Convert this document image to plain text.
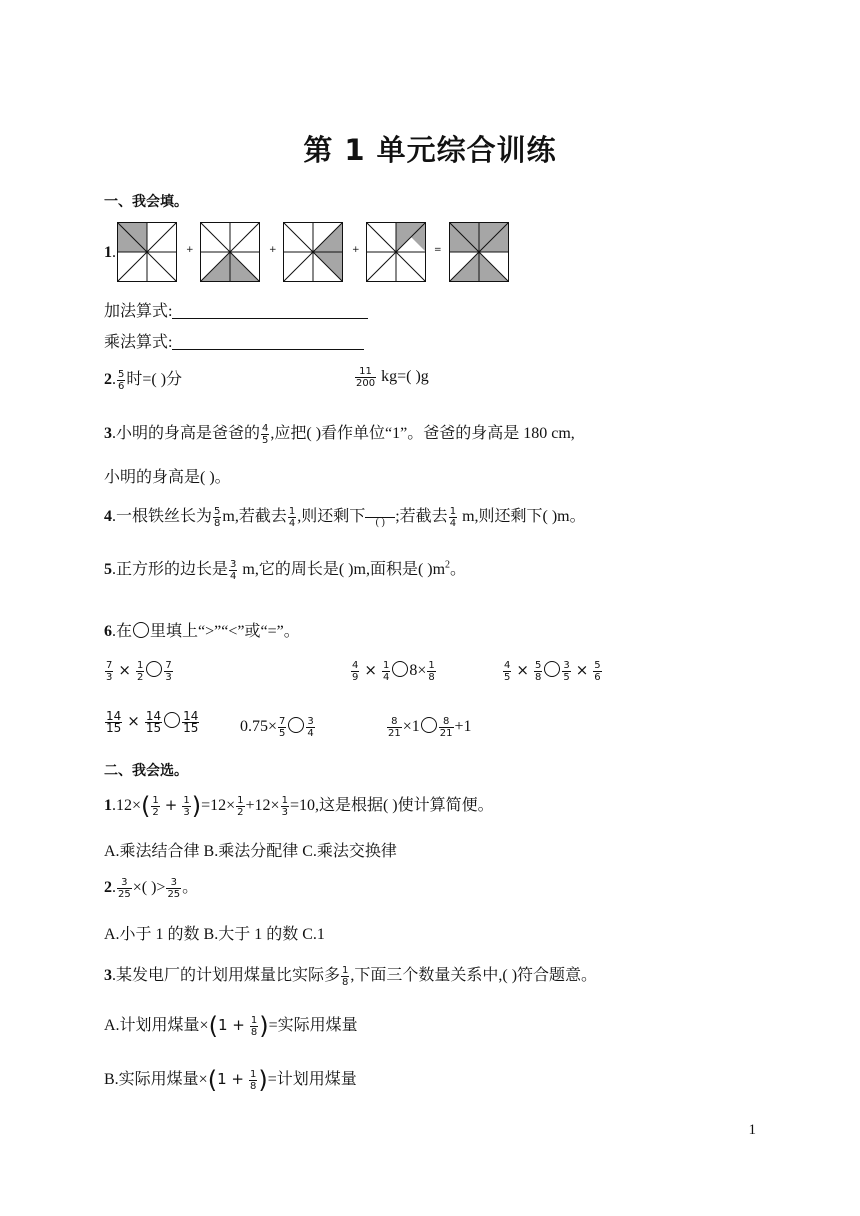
第 1 单元综合训练
一、我会填。
1.	+	+	+	=
加法算式:
乘法算式:
2. $\frac{5}{6}$ 时=( )分	$\frac{11}{200} kg=$( )g
3.小明的身高是爸爸的 $\frac{4}{5}$ ,应把( )看作单位“1”。爸爸的身高是 180 cm,
小明的身高是( )。
4.一根铁丝长为 $\frac{5}{8} m$,若截去 $\frac{1}{4}$ ,则还剩下 ( ) ;若截去 $\frac{1}{4} m$,则还剩下( )m。
5.正方形的边长是 $\frac{3}{4} m$,它的周长是( )m,面积是( )$m^2$。
6.在 里填上“>”“<”或“=”。
$\frac{7}{3} \times \frac{1}{2} \frac{7}{3}$	$\frac{4}{9} \times \frac{1}{4} 8\times \frac{1}{8}$	$\frac{4}{5} \times \frac{5}{8} \frac{3}{5} \times \frac{5}{6}$
$\frac{14}{15} \times \frac{14}{15} \frac{14}{15}$	$0.75\times \frac{7}{5} \frac{3}{4}$	$\frac{8}{21} \times 1 \frac{8}{21} +1$
二、我会选。
$1.12\times( \frac{1}{2} + \frac{1}{3} )=12\times \frac{1}{2} +12\times \frac{1}{3} =10$,这是根据( )使计算简便。
A.乘法结合律 B.乘法分配律 C.乘法交换律
2. $\frac{3}{25}$ ×( )> $\frac{3}{25}$ 。
A.小于 1 的数 B.大于 1 的数 C.1
3.某发电厂的计划用煤量比实际多 $\frac{1}{8}$ ,下面三个数量关系中,( )符合题意。
A.计划用煤量$\times(1 + \frac{1}{8}$ )=实际用煤量
B.实际用煤量$\times(1 + \frac{1}{8}$ )=计划用煤量
1
